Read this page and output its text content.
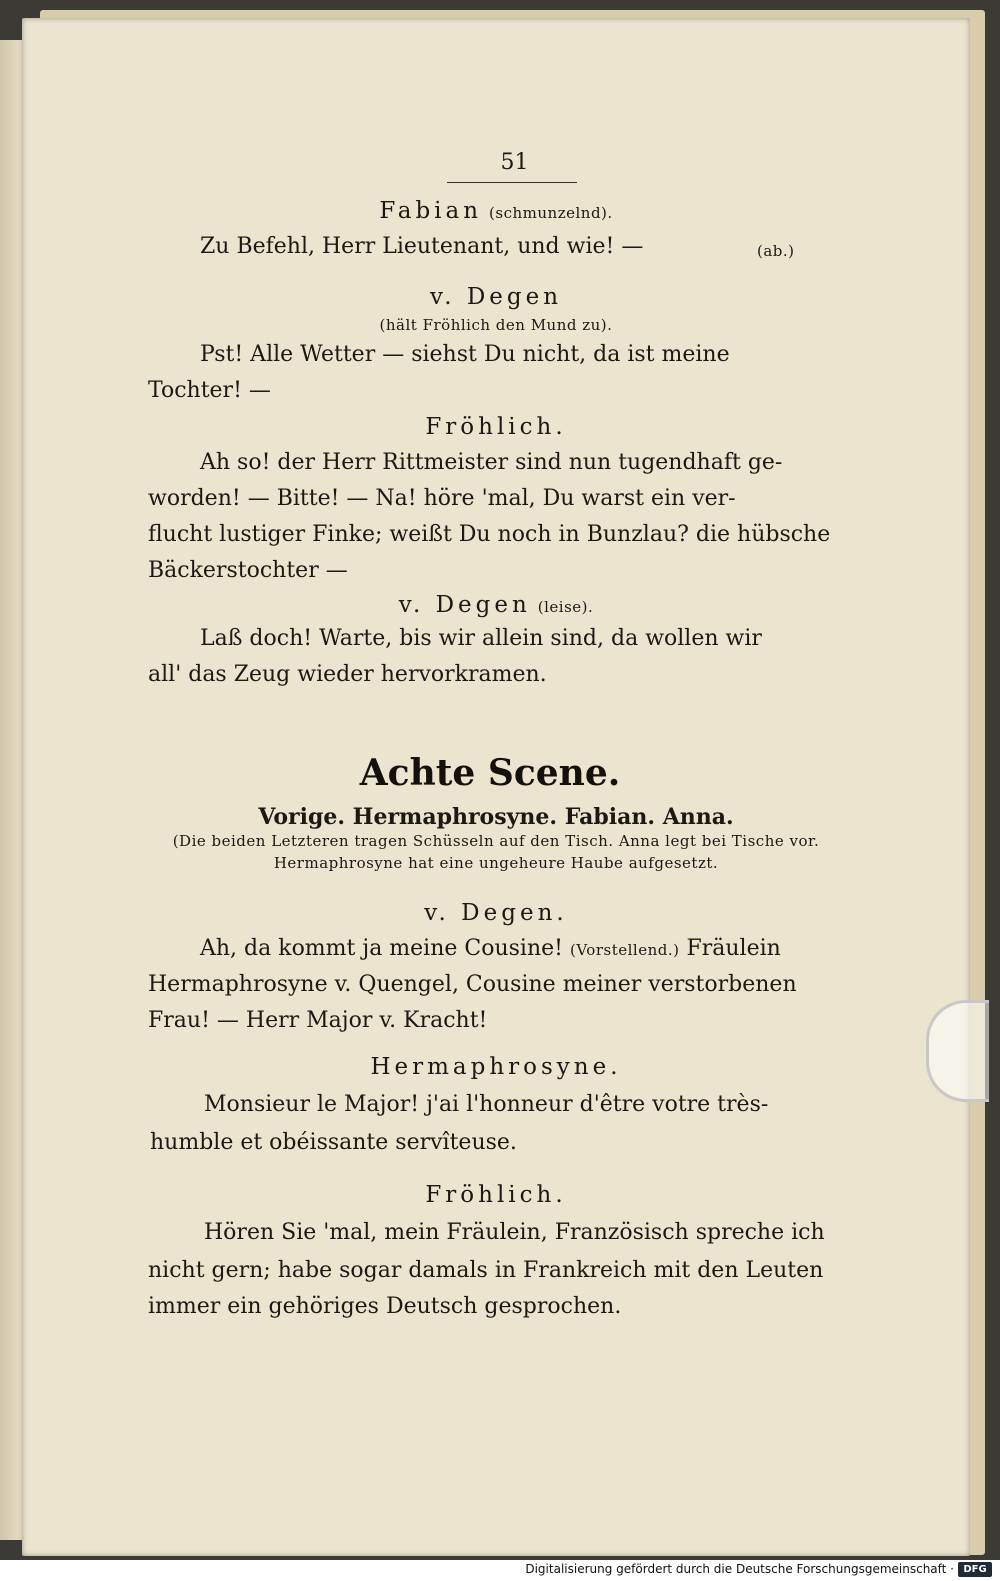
51
Fabian (schmunzelnd).
Zu Befehl, Herr Lieutenant, und wie! —	(ab.)
v. Degen
(hält Fröhlich den Mund zu).
Pst! Alle Wetter — siehst Du nicht, da ist meine
Tochter! —
Fröhlich.
Ah so! der Herr Rittmeister sind nun tugendhaft ge-
worden! — Bitte! — Na! höre 'mal, Du warst ein ver-
flucht lustiger Finke; weißt Du noch in Bunzlau? die hübsche
Bäckerstochter —
v. Degen (leise).
Laß doch! Warte, bis wir allein sind, da wollen wir
all' das Zeug wieder hervorkramen.
Achte Scene.
Vorige. Hermaphrosyne. Fabian. Anna.
(Die beiden Letzteren tragen Schüsseln auf den Tisch. Anna legt bei Tische vor.
Hermaphrosyne hat eine ungeheure Haube aufgesetzt.
v. Degen.
Ah, da kommt ja meine Cousine! (Vorstellend.) Fräulein
Hermaphrosyne v. Quengel, Cousine meiner verstorbenen
Frau! — Herr Major v. Kracht!
Hermaphrosyne.
Monsieur le Major! j'ai l'honneur d'être votre très-
humble et obéissante servîteuse.
Fröhlich.
Hören Sie 'mal, mein Fräulein, Französisch spreche ich
nicht gern; habe sogar damals in Frankreich mit den Leuten
immer ein gehöriges Deutsch gesprochen.
Digitalisierung gefördert durch die Deutsche Forschungsgemeinschaft · DFG
